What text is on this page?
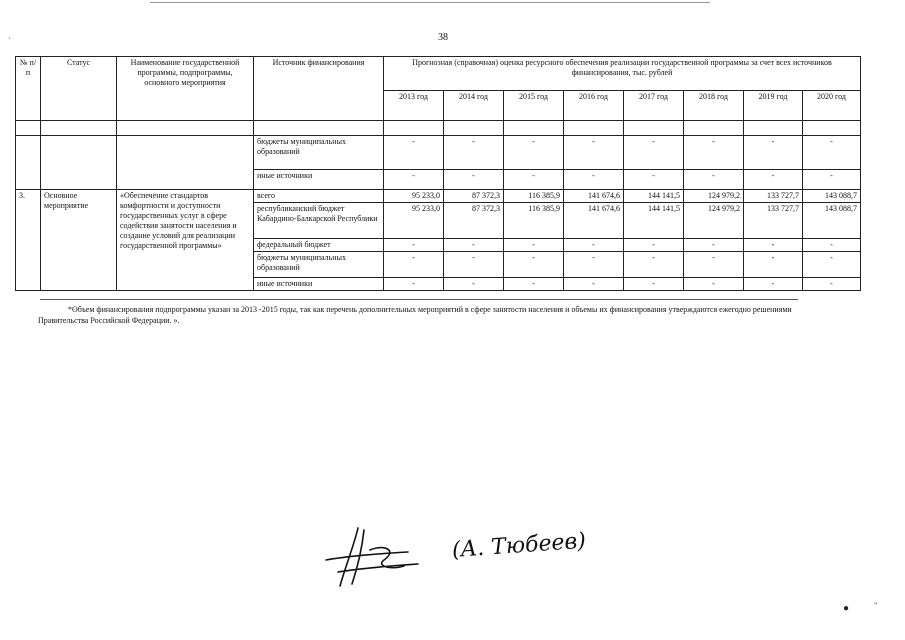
`	38
№ п/п	Статус	Наименование государственной программы, подпрограммы, основного мероприятия	Источник финансирования	Прогнозная (справочная) оценка ресурсного обеспечения реализации государственной программы за счет всех источников финансирования, тыс. рублей							
				2013 год	2014 год	2015 год	2016 год	2017 год	2018 год	2019 год	2020 год

			бюджеты муниципальных образований	-	-	-	-	-	-	-	-
			иные источники	-	-	-	-	-	-	-	-
3.	Основное мероприятие	«Обеспечение стандартов комфортности и доступности государственных услуг в сфере содействия занятости населения и создание условий для реализации государственной программы»	всего	95 233,0	87 372,3	116 385,9	141 674,6	144 141,5	124 979,2	133 727,7	143 088,7
			республиканский бюджет Кабардино-Балкарской Республики	95 233,0	87 372,3	116 385,9	141 674,6	144 141,5	124 979,2	133 727,7	143 088,7
			федеральный бюджет	-	-	-	-	-	-	-	-
			бюджеты муниципальных образований	-	-	-	-	-	-	-	-
			иные источники	-	-	-	-	-	-	-	-
*Объем финансирования подпрограммы указан за 2013 -2015 годы, так как перечень дополнительных мероприятий в сфере занятости населения и объемы их финансирования утверждаются ежегодно решениями Правительства Российской Федерации. ».
(А. Тюбеев)
●	"
